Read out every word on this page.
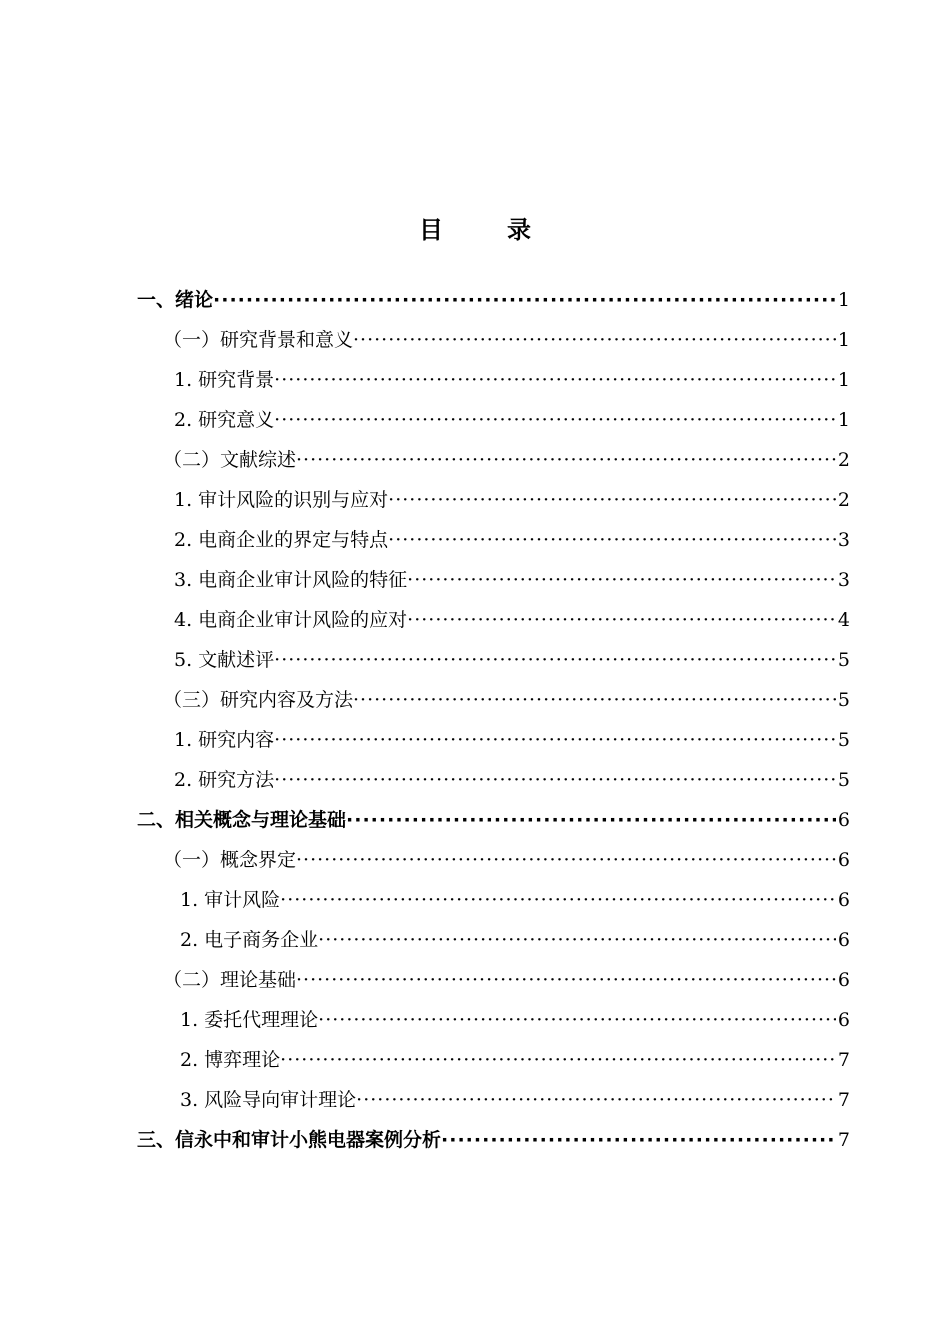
目	录
一、绪论 ·····	1
（一）研究背景和意义 ·····	1
1. 研究背景 ·····	1
2. 研究意义 ·····	1
（二）文献综述 ·····	2
1. 审计风险的识别与应对 ·····	2
2. 电商企业的界定与特点 ·····	3
3. 电商企业审计风险的特征 ·····	3
4. 电商企业审计风险的应对 ·····	4
5. 文献述评 ·····	5
（三）研究内容及方法 ·····	5
1. 研究内容 ·····	5
2. 研究方法 ·····	5
二、相关概念与理论基础 ·····	6
（一）概念界定 ·····	6
1. 审计风险 ·····	6
2. 电子商务企业 ·····	6
（二）理论基础 ·····	6
1. 委托代理理论 ·····	6
2. 博弈理论 ·····	7
3. 风险导向审计理论 ·····	7
三、信永中和审计小熊电器案例分析 ·····	7
